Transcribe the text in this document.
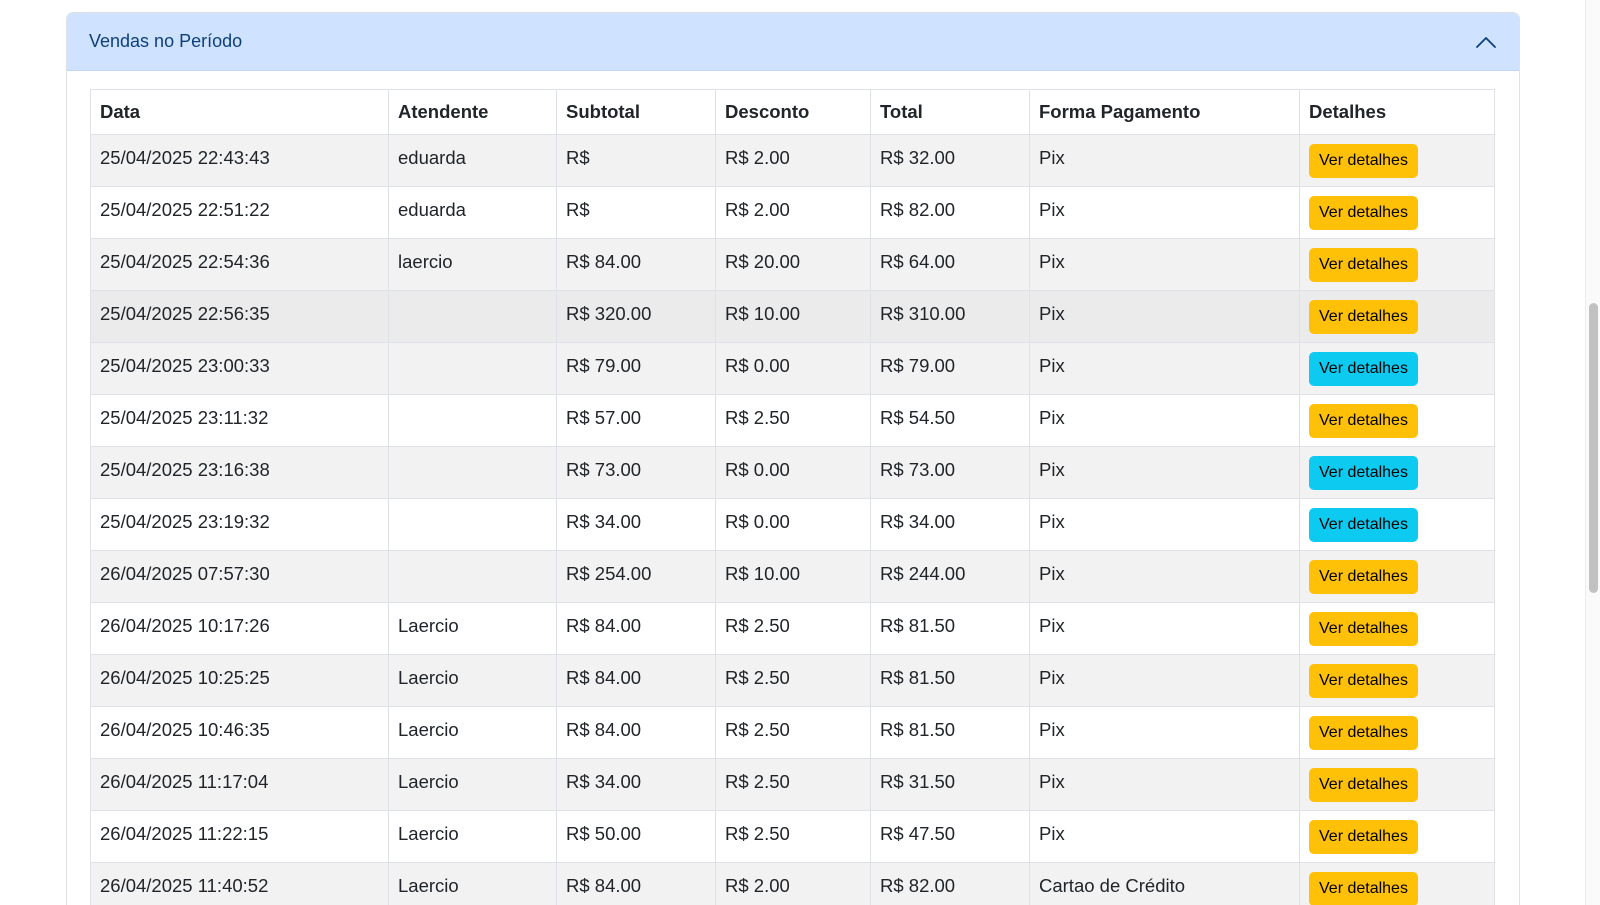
Vendas no Período
Data	Atendente	Subtotal	Desconto	Total	Forma Pagamento	Detalhes
25/04/2025 22:43:43	eduarda	R$	R$ 2.00	R$ 32.00	Pix	Ver detalhes
25/04/2025 22:51:22	eduarda	R$	R$ 2.00	R$ 82.00	Pix	Ver detalhes
25/04/2025 22:54:36	laercio	R$ 84.00	R$ 20.00	R$ 64.00	Pix	Ver detalhes
25/04/2025 22:56:35		R$ 320.00	R$ 10.00	R$ 310.00	Pix	Ver detalhes
25/04/2025 23:00:33		R$ 79.00	R$ 0.00	R$ 79.00	Pix	Ver detalhes
25/04/2025 23:11:32		R$ 57.00	R$ 2.50	R$ 54.50	Pix	Ver detalhes
25/04/2025 23:16:38		R$ 73.00	R$ 0.00	R$ 73.00	Pix	Ver detalhes
25/04/2025 23:19:32		R$ 34.00	R$ 0.00	R$ 34.00	Pix	Ver detalhes
26/04/2025 07:57:30		R$ 254.00	R$ 10.00	R$ 244.00	Pix	Ver detalhes
26/04/2025 10:17:26	Laercio	R$ 84.00	R$ 2.50	R$ 81.50	Pix	Ver detalhes
26/04/2025 10:25:25	Laercio	R$ 84.00	R$ 2.50	R$ 81.50	Pix	Ver detalhes
26/04/2025 10:46:35	Laercio	R$ 84.00	R$ 2.50	R$ 81.50	Pix	Ver detalhes
26/04/2025 11:17:04	Laercio	R$ 34.00	R$ 2.50	R$ 31.50	Pix	Ver detalhes
26/04/2025 11:22:15	Laercio	R$ 50.00	R$ 2.50	R$ 47.50	Pix	Ver detalhes
26/04/2025 11:40:52	Laercio	R$ 84.00	R$ 2.00	R$ 82.00	Cartao de Crédito	Ver detalhes
